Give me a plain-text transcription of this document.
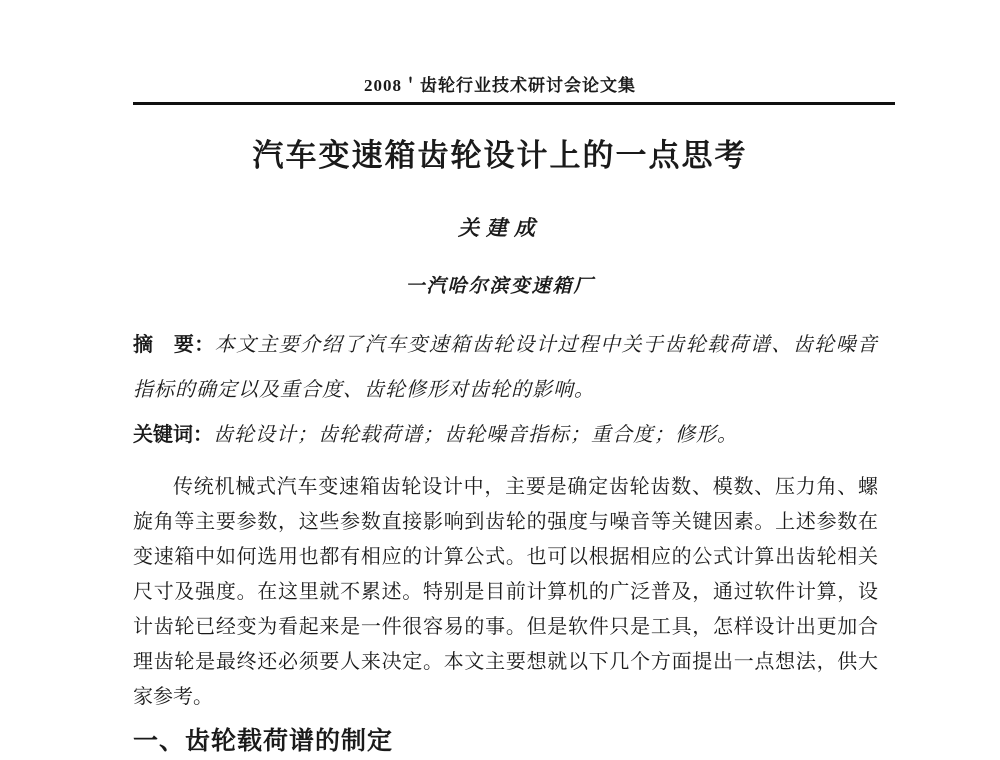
2008＇齿轮行业技术研讨会论文集
汽车变速箱齿轮设计上的一点思考
关建成
一汽哈尔滨变速箱厂

摘　要：本文主要介绍了汽车变速箱齿轮设计过程中关于齿轮载荷谱、齿轮噪音指标的确定以及重合度、齿轮修形对齿轮的影响。

关键词：齿轮设计；齿轮载荷谱；齿轮噪音指标；重合度；修形。

传统机械式汽车变速箱齿轮设计中，主要是确定齿轮齿数、模数、压力角、螺
旋角等主要参数，这些参数直接影响到齿轮的强度与噪音等关键因素。上述参数在
变速箱中如何选用也都有相应的计算公式。也可以根据相应的公式计算出齿轮相关
尺寸及强度。在这里就不累述。特别是目前计算机的广泛普及，通过软件计算，设
计齿轮已经变为看起来是一件很容易的事。但是软件只是工具，怎样设计出更加合
理齿轮是最终还必须要人来决定。本文主要想就以下几个方面提出一点想法，供大
家参考。
一、齿轮载荷谱的制定
